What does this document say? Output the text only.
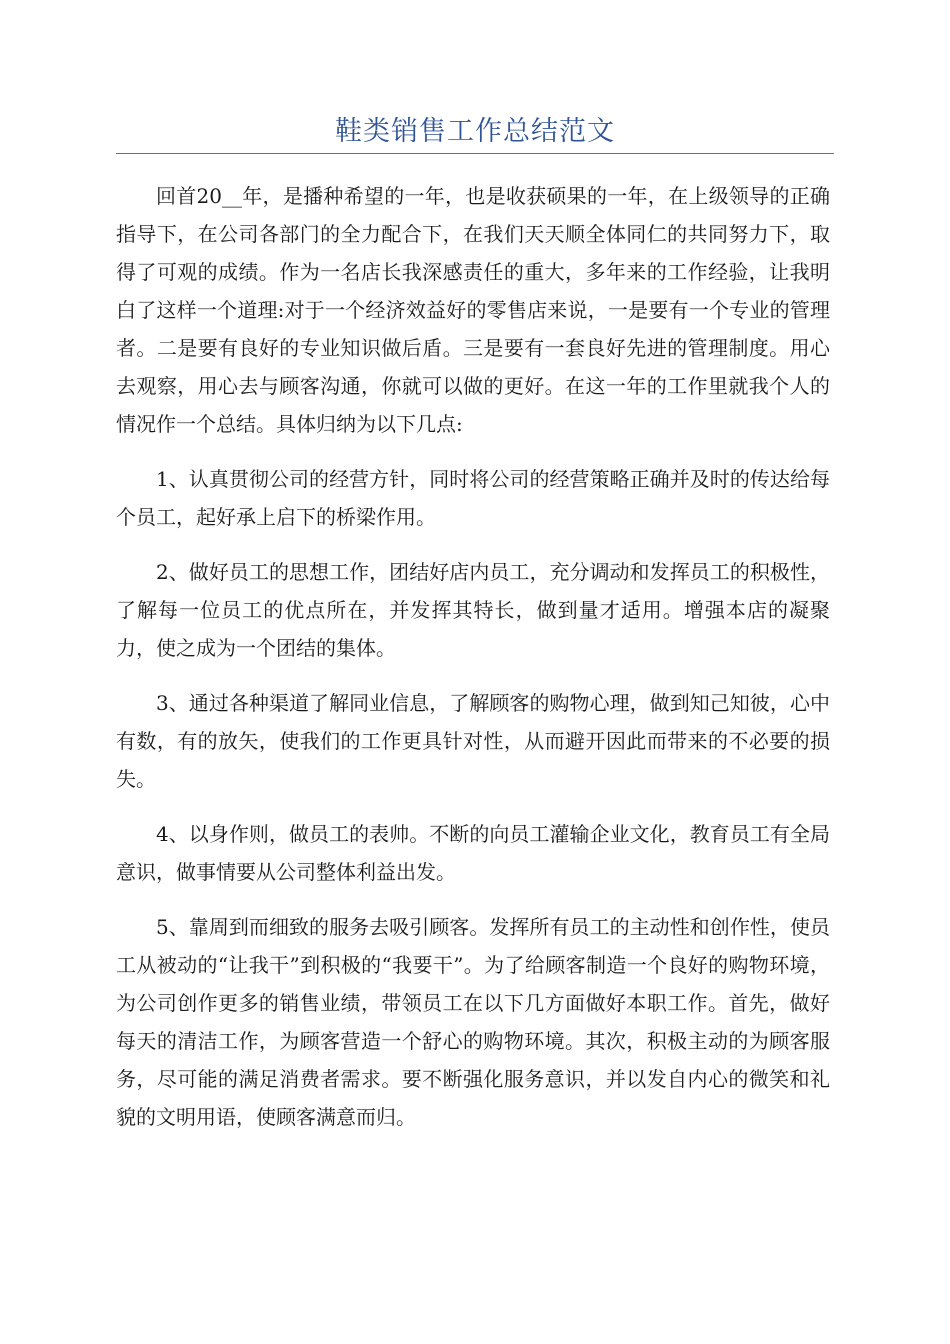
鞋类销售工作总结范文

回首20__年，是播种希望的一年，也是收获硕果的一年，在上级领导的正确指导下，在公司各部门的全力配合下，在我们天天顺全体同仁的共同努力下，取得了可观的成绩。作为一名店长我深感责任的重大，多年来的工作经验，让我明白了这样一个道理:对于一个经济效益好的零售店来说，一是要有一个专业的管理者。二是要有良好的专业知识做后盾。三是要有一套良好先进的管理制度。用心去观察，用心去与顾客沟通，你就可以做的更好。在这一年的工作里就我个人的情况作一个总结。具体归纳为以下几点:

1、认真贯彻公司的经营方针，同时将公司的经营策略正确并及时的传达给每个员工，起好承上启下的桥梁作用。

2、做好员工的思想工作，团结好店内员工，充分调动和发挥员工的积极性，了解每一位员工的优点所在，并发挥其特长，做到量才适用。增强本店的凝聚力，使之成为一个团结的集体。

3、通过各种渠道了解同业信息，了解顾客的购物心理，做到知己知彼，心中有数，有的放矢，使我们的工作更具针对性，从而避开因此而带来的不必要的损失。

4、以身作则，做员工的表帅。不断的向员工灌输企业文化，教育员工有全局意识，做事情要从公司整体利益出发。

5、靠周到而细致的服务去吸引顾客。发挥所有员工的主动性和创作性，使员工从被动的“让我干”到积极的“我要干”。为了给顾客制造一个良好的购物环境，为公司创作更多的销售业绩，带领员工在以下几方面做好本职工作。首先，做好每天的清洁工作，为顾客营造一个舒心的购物环境。其次，积极主动的为顾客服务，尽可能的满足消费者需求。要不断强化服务意识，并以发自内心的微笑和礼貌的文明用语，使顾客满意而归。
